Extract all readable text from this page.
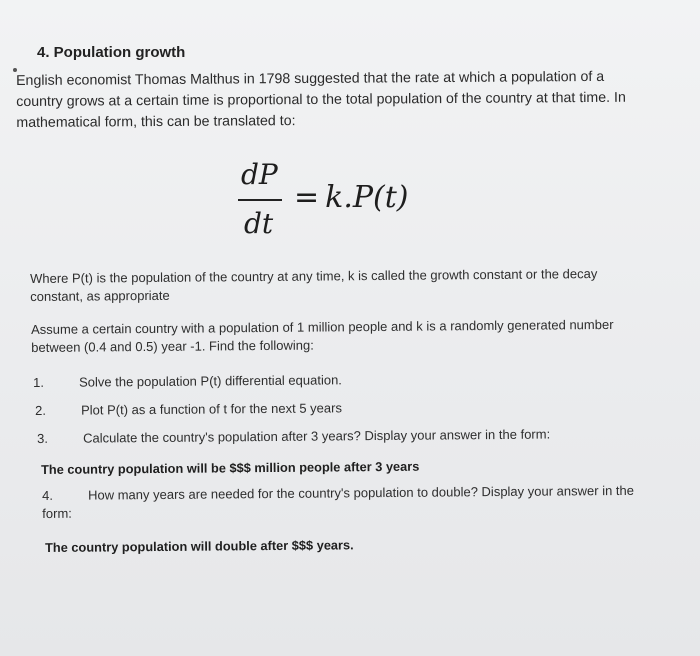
4. Population growth
English economist Thomas Malthus in 1798 suggested that the rate at which a population of a country grows at a certain time is proportional to the total population of the country at that time. In mathematical form, this can be translated to:
dP
dt
= k.P(t)
Where P(t) is the population of the country at any time, k is called the growth constant or the decay constant, as appropriate
Assume a certain country with a population of 1 million people and k is a randomly generated number between (0.4 and 0.5) year -1. Find the following:
1.	Solve the population P(t) differential equation.
2.	Plot P(t) as a function of t for the next 5 years
3.	Calculate the country's population after 3 years? Display your answer in the form:
The country population will be $$$ million people after 3 years
4.	How many years are needed for the country's population to double? Display your answer in the form:
The country population will double after $$$ years.
